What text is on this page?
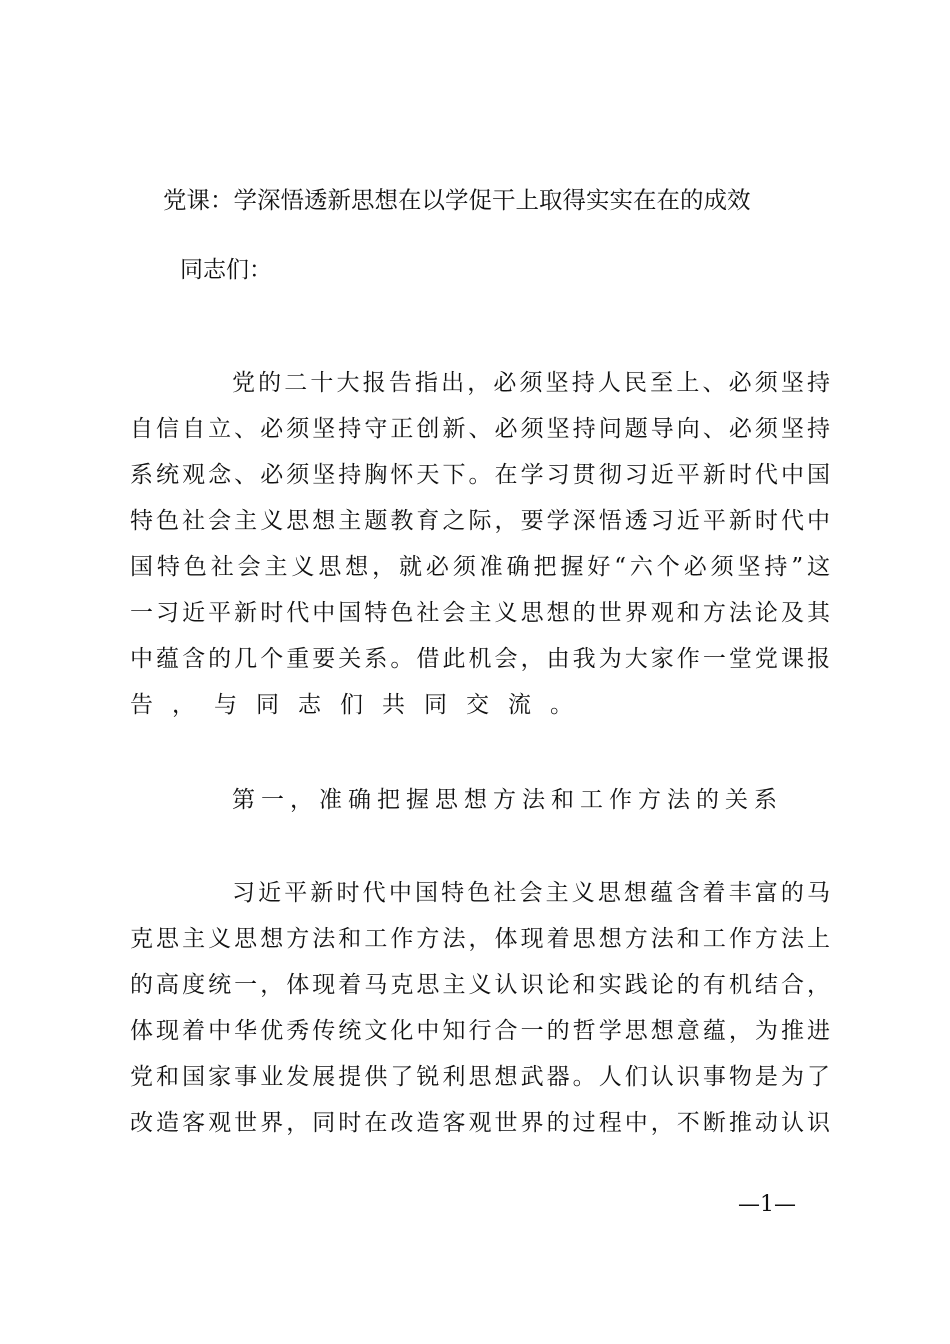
党课：学深悟透新思想在以学促干上取得实实在在的成效
同志们：
党的二十大报告指出，必须坚持人民至上、必须坚持
自信自立、必须坚持守正创新、必须坚持问题导向、必须坚持
系统观念、必须坚持胸怀天下。在学习贯彻习近平新时代中国
特色社会主义思想主题教育之际，要学深悟透习近平新时代中
国特色社会主义思想，就必须准确把握好“六个必须坚持”这
一习近平新时代中国特色社会主义思想的世界观和方法论及其
中蕴含的几个重要关系。借此机会，由我为大家作一堂党课报
告，与同志们共同交流。
第一，准确把握思想方法和工作方法的关系
习近平新时代中国特色社会主义思想蕴含着丰富的马
克思主义思想方法和工作方法，体现着思想方法和工作方法上
的高度统一，体现着马克思主义认识论和实践论的有机结合，
体现着中华优秀传统文化中知行合一的哲学思想意蕴，为推进
党和国家事业发展提供了锐利思想武器。人们认识事物是为了
改造客观世界，同时在改造客观世界的过程中，不断推动认识
—1—
